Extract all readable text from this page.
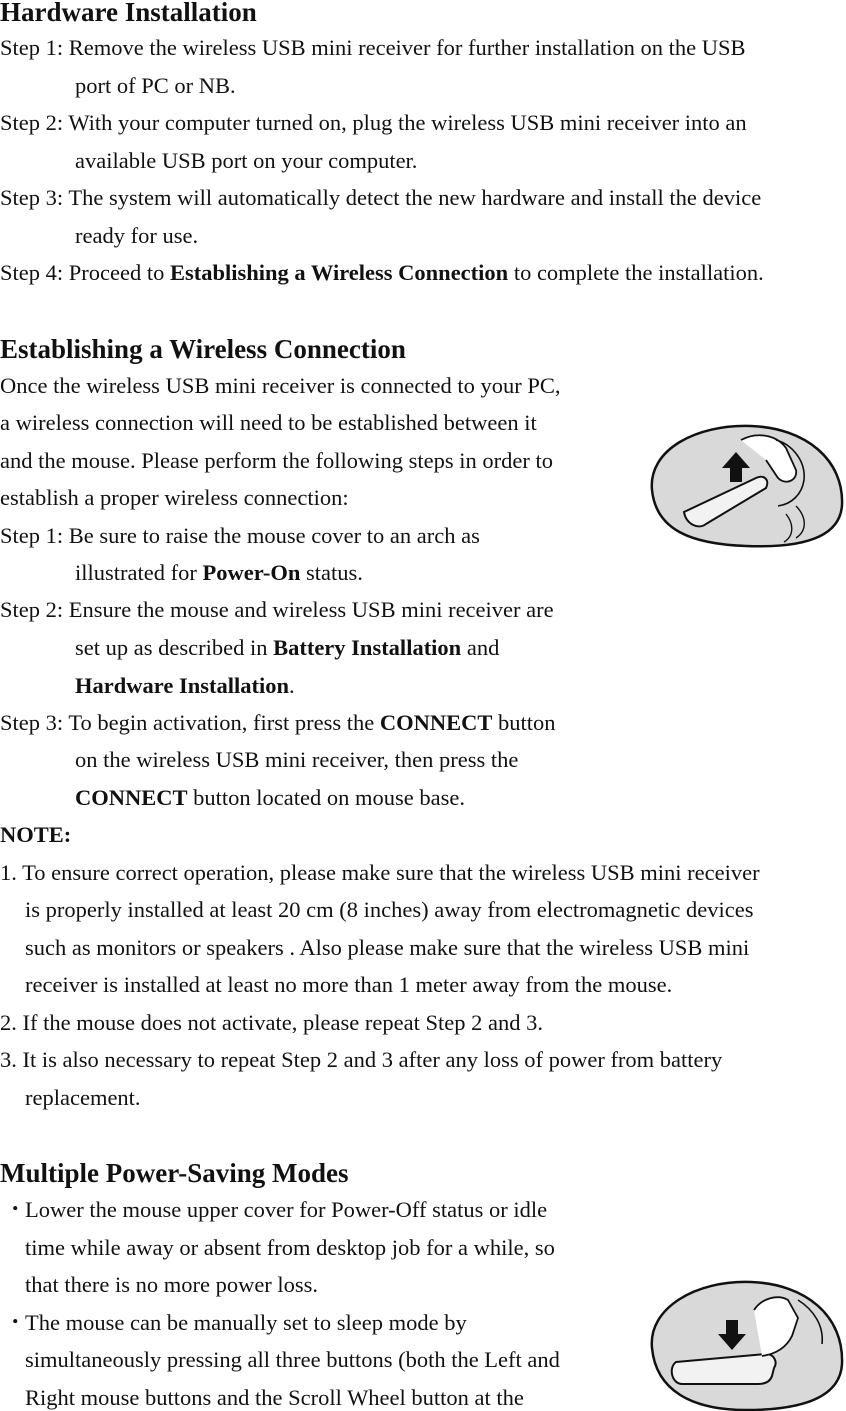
Hardware Installation
Step 1: Remove the wireless USB mini receiver for further installation on the USB
port of PC or NB.
Step 2: With your computer turned on, plug the wireless USB mini receiver into an
available USB port on your computer.
Step 3: The system will automatically detect the new hardware and install the device
ready for use.
Step 4: Proceed to Establishing a Wireless Connection to complete the installation.
Establishing a Wireless Connection
Once the wireless USB mini receiver is connected to your PC,
a wireless connection will need to be established between it
and the mouse. Please perform the following steps in order to
establish a proper wireless connection:
Step 1: Be sure to raise the mouse cover to an arch as
illustrated for Power-On status.
Step 2: Ensure the mouse and wireless USB mini receiver are
set up as described in Battery Installation and
Hardware Installation.
Step 3: To begin activation, first press the CONNECT button
on the wireless USB mini receiver, then press the
CONNECT button located on mouse base.
NOTE:
1. To ensure correct operation, please make sure that the wireless USB mini receiver
is properly installed at least 20 cm (8 inches) away from electromagnetic devices
such as monitors or speakers . Also please make sure that the wireless USB mini
receiver is installed at least no more than 1 meter away from the mouse.
2. If the mouse does not activate, please repeat Step 2 and 3.
3. It is also necessary to repeat Step 2 and 3 after any loss of power from battery
replacement.
Multiple Power-Saving Modes
・
Lower the mouse upper cover for Power-Off status or idle
time while away or absent from desktop job for a while, so
that there is no more power loss.
・
The mouse can be manually set to sleep mode by
simultaneously pressing all three buttons (both the Left and
Right mouse buttons and the Scroll Wheel button at the
